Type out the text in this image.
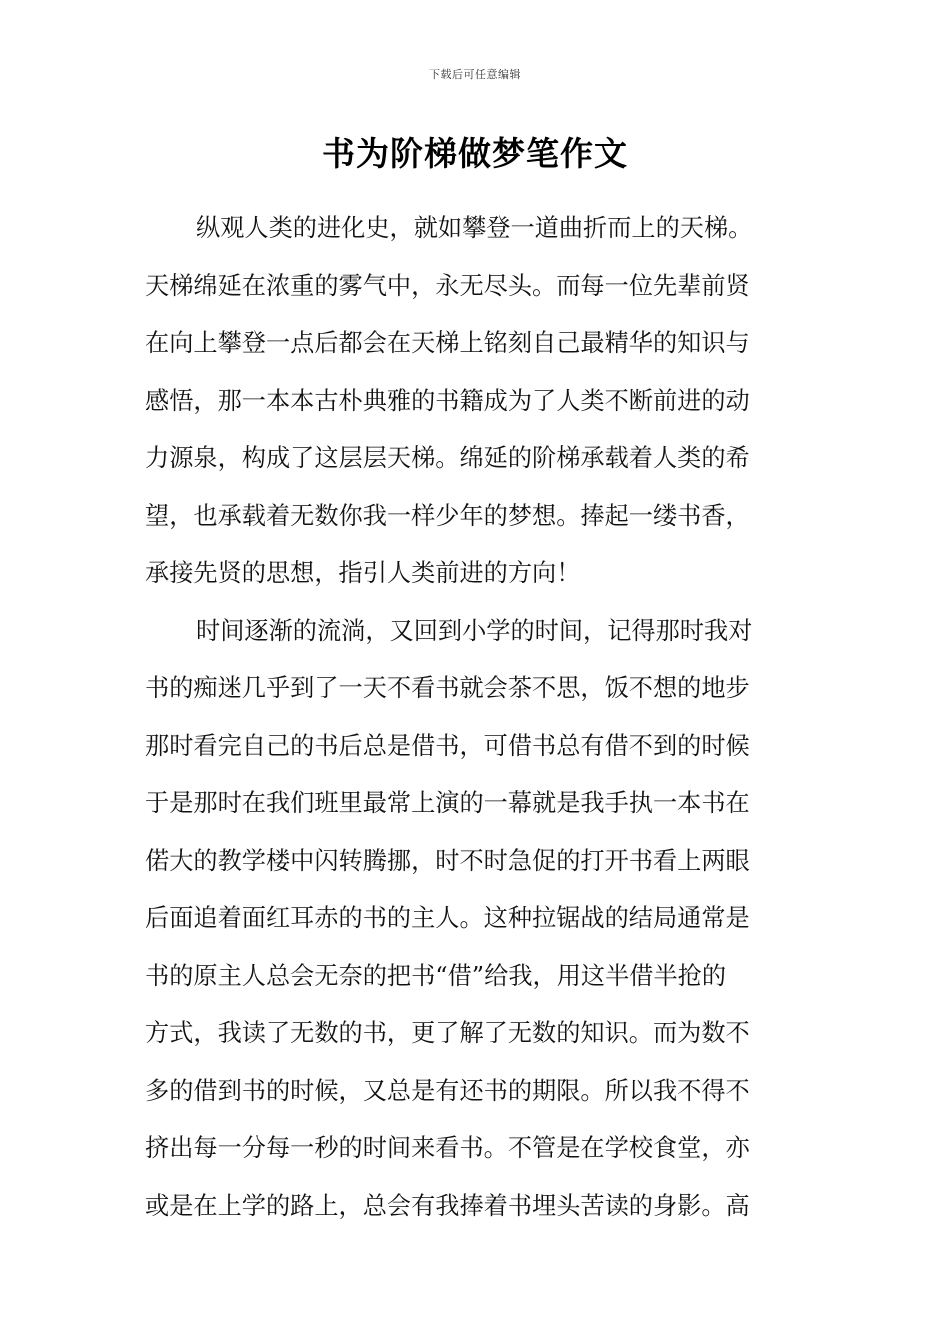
下载后可任意编辑
书为阶梯做梦笔作文
纵观人类的进化史，就如攀登一道曲折而上的天梯。
天梯绵延在浓重的雾气中，永无尽头。而每一位先辈前贤
在向上攀登一点后都会在天梯上铭刻自己最精华的知识与
感悟，那一本本古朴典雅的书籍成为了人类不断前进的动
力源泉，构成了这层层天梯。绵延的阶梯承载着人类的希
望，也承载着无数你我一样少年的梦想。捧起一缕书香，
承接先贤的思想，指引人类前进的方向！
时间逐渐的流淌，又回到小学的时间，记得那时我对
书的痴迷几乎到了一天不看书就会茶不思，饭不想的地步
那时看完自己的书后总是借书，可借书总有借不到的时候
于是那时在我们班里最常上演的一幕就是我手执一本书在
偌大的教学楼中闪转腾挪，时不时急促的打开书看上两眼
后面追着面红耳赤的书的主人。这种拉锯战的结局通常是
书的原主人总会无奈的把书“借”给我，用这半借半抢的
方式，我读了无数的书，更了解了无数的知识。而为数不
多的借到书的时候，又总是有还书的期限。所以我不得不
挤出每一分每一秒的时间来看书。不管是在学校食堂，亦
或是在上学的路上，总会有我捧着书埋头苦读的身影。高
